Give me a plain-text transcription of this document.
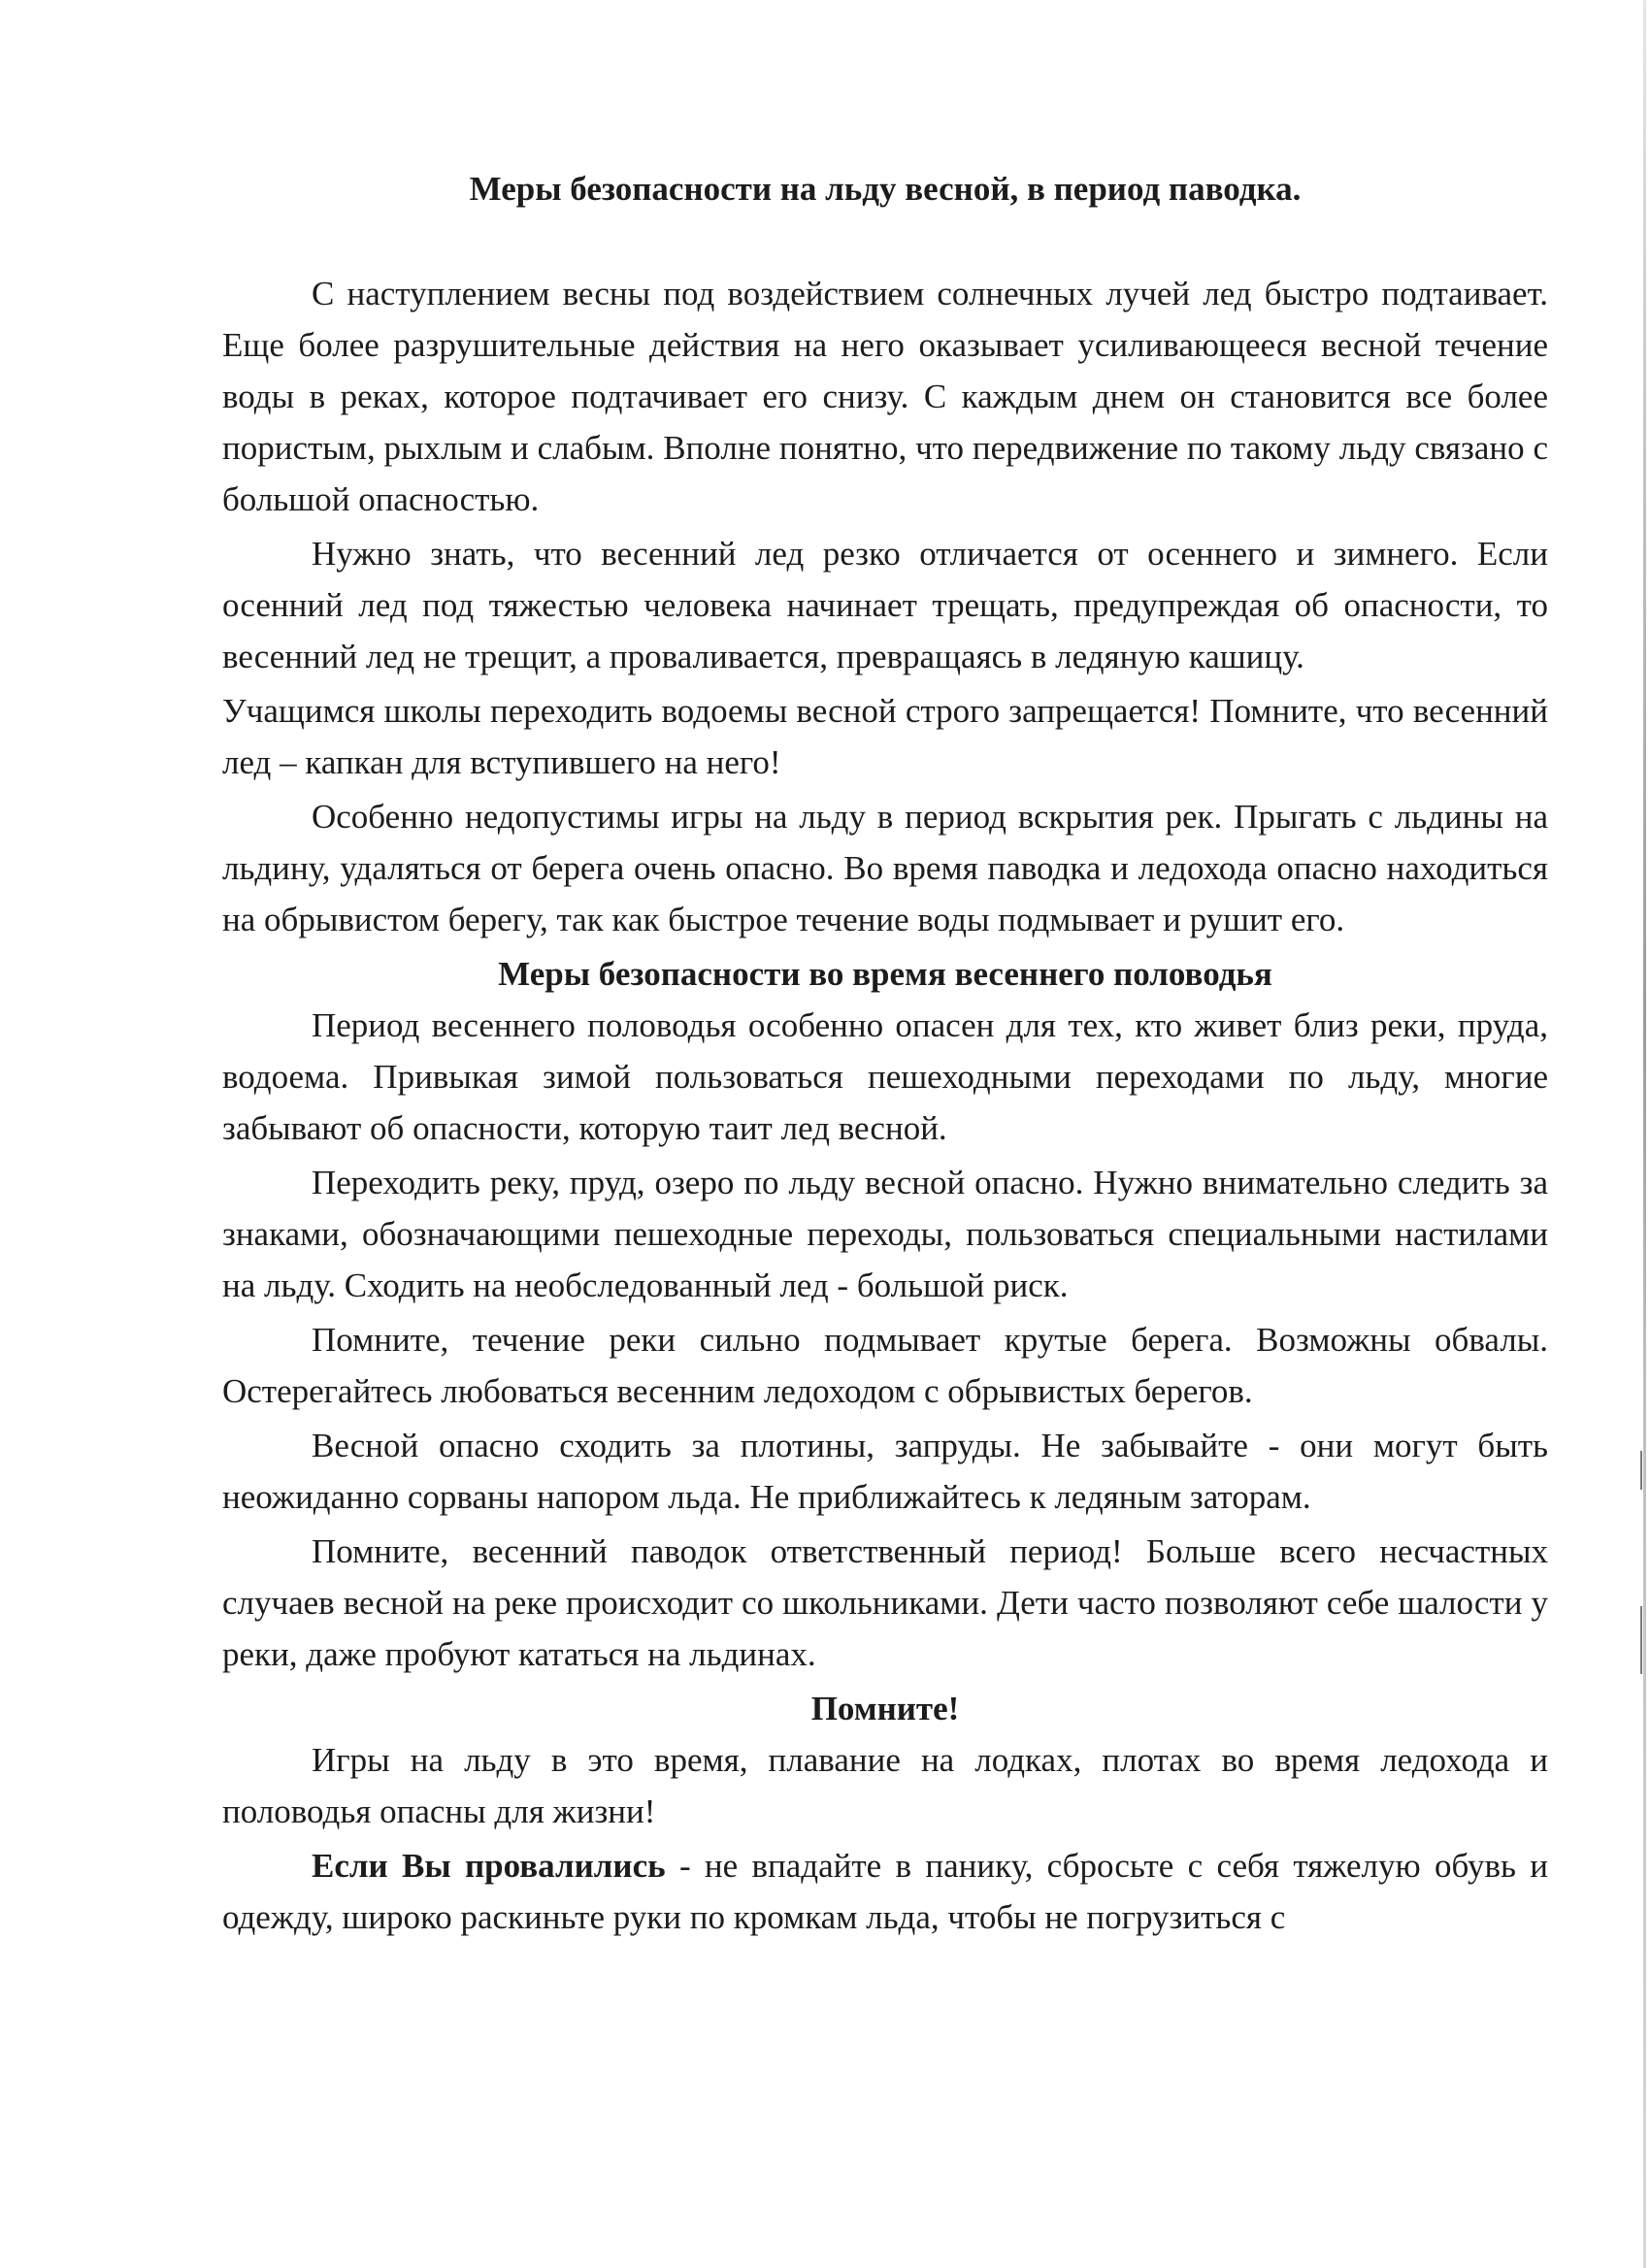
Меры безопасности на льду весной, в период паводка.

С наступлением весны под воздействием солнечных лучей лед быстро подтаивает. Еще более разрушительные действия на него оказывает усиливающееся весной течение воды в реках, которое подтачивает его снизу. С каждым днем он становится все более пористым, рыхлым и слабым. Вполне понятно, что передвижение по такому льду связано с большой опасностью.

Нужно знать, что весенний лед резко отличается от осеннего и зимнего. Если осенний лед под тяжестью человека начинает трещать, предупреждая об опасности, то весенний лед не трещит, а проваливается, превращаясь в ледяную кашицу.

Учащимся школы переходить водоемы весной строго запрещается! Помните, что весенний лед – капкан для вступившего на него!

Особенно недопустимы игры на льду в период вскрытия рек. Прыгать с льдины на льдину, удаляться от берега очень опасно. Во время паводка и ледохода опасно находиться на обрывистом берегу, так как быстрое течение воды подмывает и рушит его.

Меры безопасности во время весеннего половодья

Период весеннего половодья особенно опасен для тех, кто живет близ реки, пруда, водоема. Привыкая зимой пользоваться пешеходными переходами по льду, многие забывают об опасности, которую таит лед весной.

Переходить реку, пруд, озеро по льду весной опасно. Нужно внимательно следить за знаками, обозначающими пешеходные переходы, пользоваться специальными настилами на льду. Сходить на необследованный лед - большой риск.

Помните, течение реки сильно подмывает крутые берега. Возможны обвалы. Остерегайтесь любоваться весенним ледоходом с обрывистых берегов.

Весной опасно сходить за плотины, запруды. Не забывайте - они могут быть неожиданно сорваны напором льда. Не приближайтесь к ледяным заторам.

Помните, весенний паводок ответственный период! Больше всего несчастных случаев весной на реке происходит со школьниками. Дети часто позволяют себе шалости у реки, даже пробуют кататься на льдинах.

Помните!

Игры на льду в это время, плавание на лодках, плотах во время ледохода и половодья опасны для жизни!

Если Вы провалились - не впадайте в панику, сбросьте с себя тяжелую обувь и одежду, широко раскиньте руки по кромкам льда, чтобы не погрузиться с
